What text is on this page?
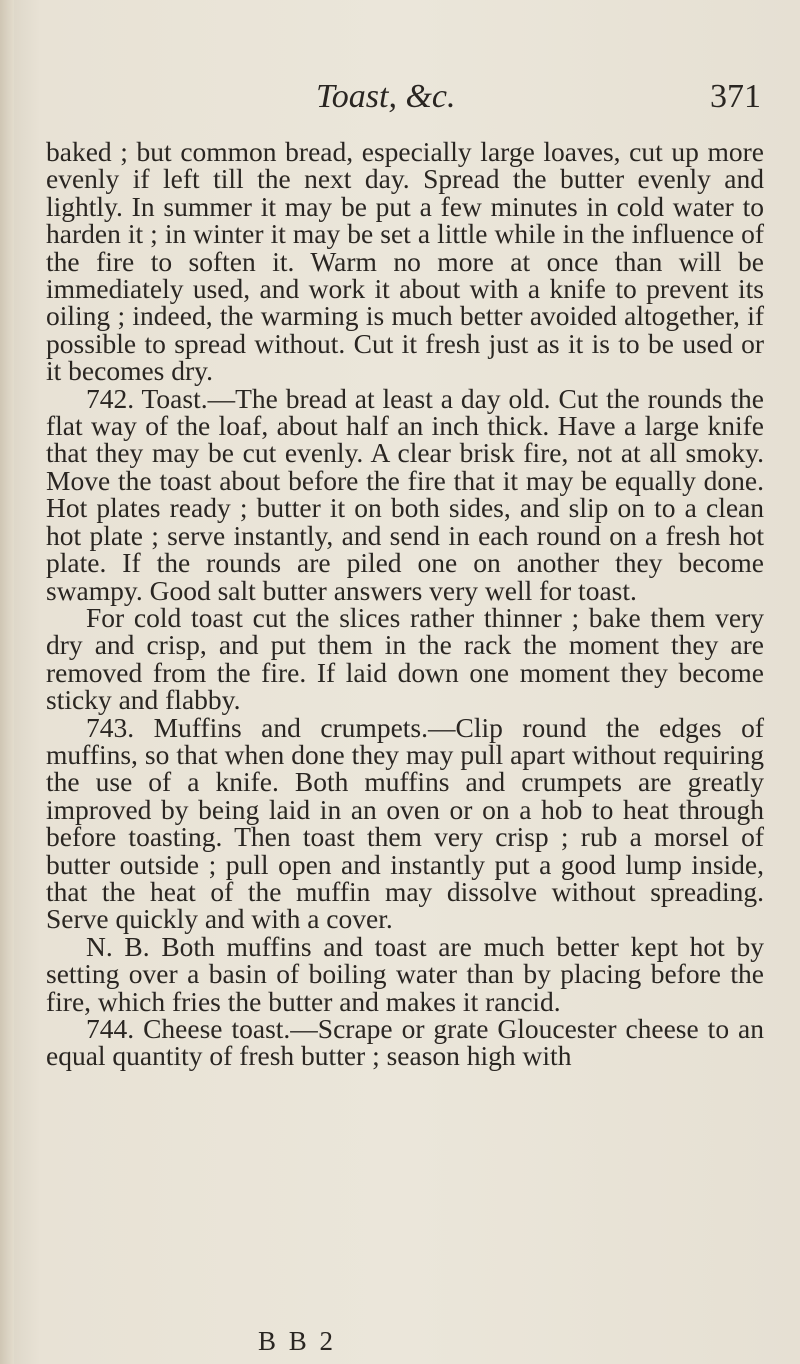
Toast, &c.	371

baked ; but common bread, especially large loaves, cut up more evenly if left till the next day. Spread the butter evenly and lightly. In summer it may be put a few minutes in cold water to harden it ; in winter it may be set a little while in the influence of the fire to soften it. Warm no more at once than will be immediately used, and work it about with a knife to prevent its oiling ; indeed, the warming is much better avoided altogether, if possible to spread without. Cut it fresh just as it is to be used or it becomes dry.

742. Toast.—The bread at least a day old. Cut the rounds the flat way of the loaf, about half an inch thick. Have a large knife that they may be cut evenly. A clear brisk fire, not at all smoky. Move the toast about before the fire that it may be equally done. Hot plates ready ; butter it on both sides, and slip on to a clean hot plate ; serve instantly, and send in each round on a fresh hot plate. If the rounds are piled one on another they become swampy. Good salt butter answers very well for toast.

For cold toast cut the slices rather thinner ; bake them very dry and crisp, and put them in the rack the moment they are removed from the fire. If laid down one moment they become sticky and flabby.

743. Muffins and crumpets.—Clip round the edges of muffins, so that when done they may pull apart without requiring the use of a knife. Both muffins and crumpets are greatly improved by being laid in an oven or on a hob to heat through before toasting. Then toast them very crisp ; rub a morsel of butter outside ; pull open and instantly put a good lump inside, that the heat of the muffin may dissolve without spreading. Serve quickly and with a cover.

N. B. Both muffins and toast are much better kept hot by setting over a basin of boiling water than by placing before the fire, which fries the butter and makes it rancid.

744. Cheese toast.—Scrape or grate Gloucester cheese to an equal quantity of fresh butter ; season high with

B B 2
